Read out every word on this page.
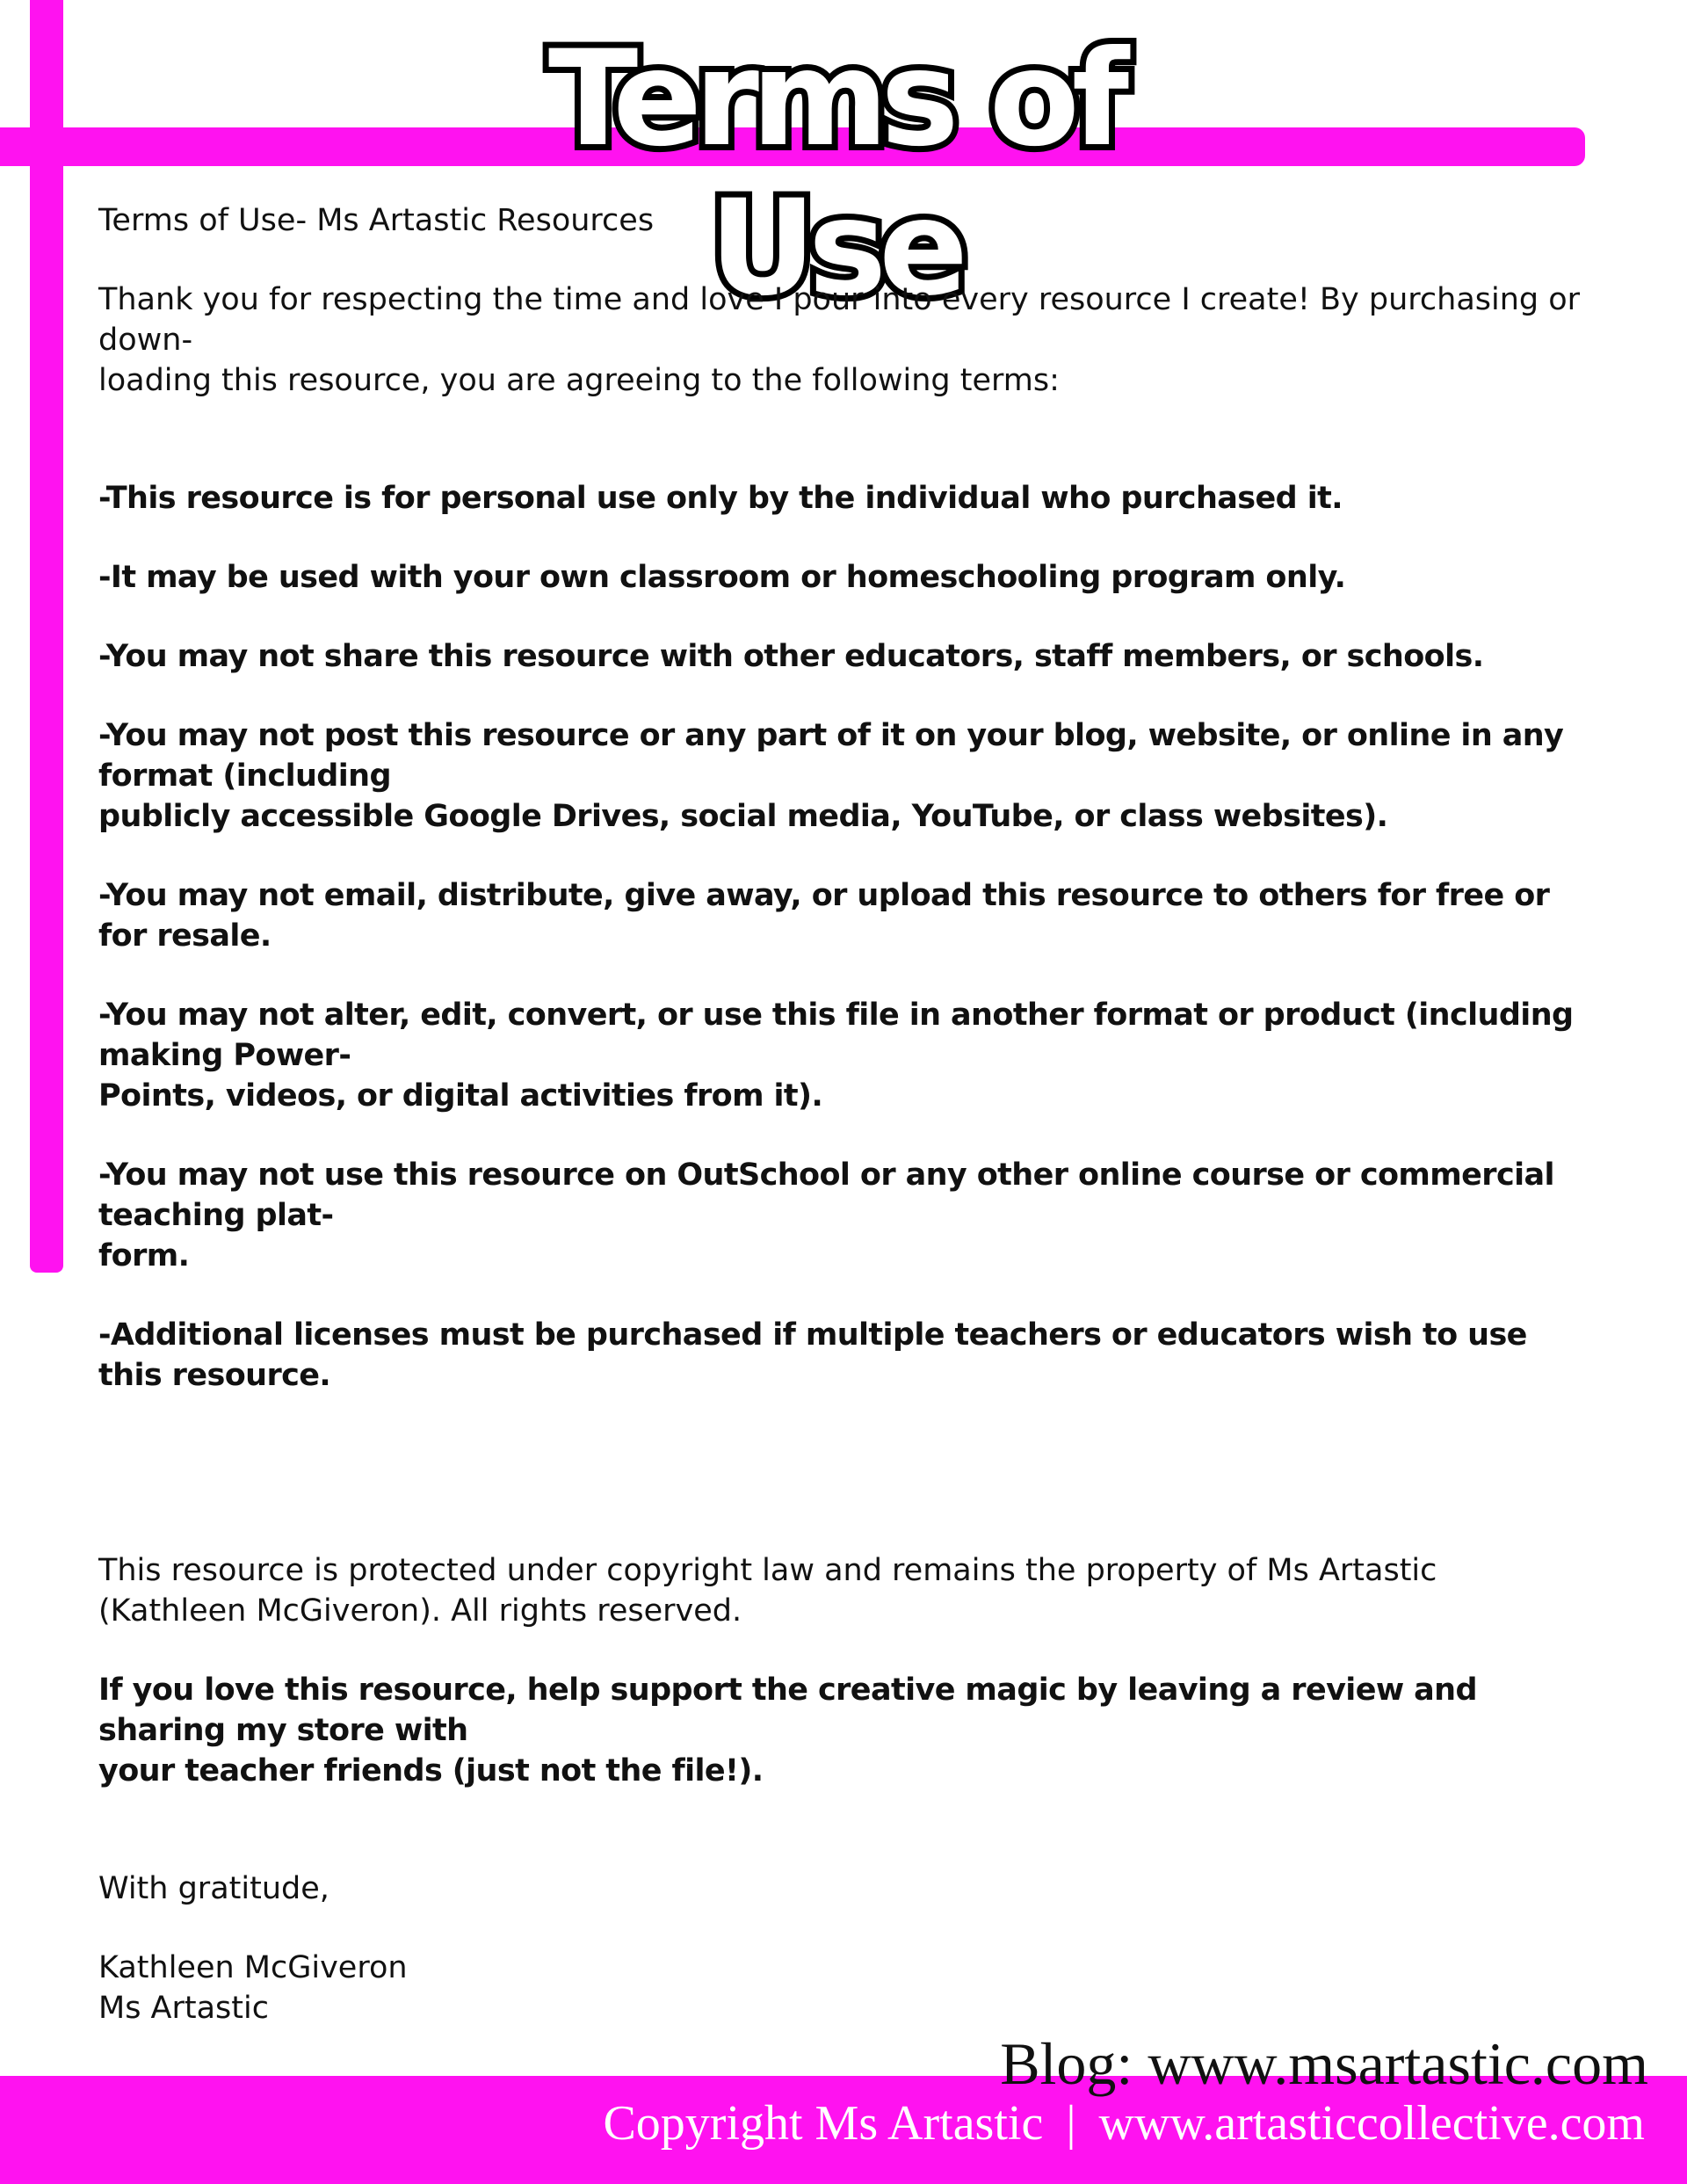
Terms of Use

Terms of Use- Ms Artastic Resources

Thank you for respecting the time and love I pour into every resource I create! By purchasing or down-

loading this resource, you are agreeing to the following terms:

-This resource is for personal use only by the individual who purchased it.

-It may be used with your own classroom or homeschooling program only.

-You may not share this resource with other educators, staff members, or schools.

-You may not post this resource or any part of it on your blog, website, or online in any format (including

publicly accessible Google Drives, social media, YouTube, or class websites).

-You may not email, distribute, give away, or upload this resource to others for free or for resale.

-You may not alter, edit, convert, or use this file in another format or product (including making Power-

Points, videos, or digital activities from it).

-You may not use this resource on OutSchool or any other online course or commercial teaching plat-

form.

-Additional licenses must be purchased if multiple teachers or educators wish to use this resource.

This resource is protected under copyright law and remains the property of Ms Artastic

(Kathleen McGiveron). All rights reserved.

If you love this resource, help support the creative magic by leaving a review and sharing my store with

your teacher friends (just not the file!).

With gratitude,

Kathleen McGiveron

Ms Artastic

Blog: www.msartastic.com
Copyright Ms Artastic | www.artasticcollective.com
